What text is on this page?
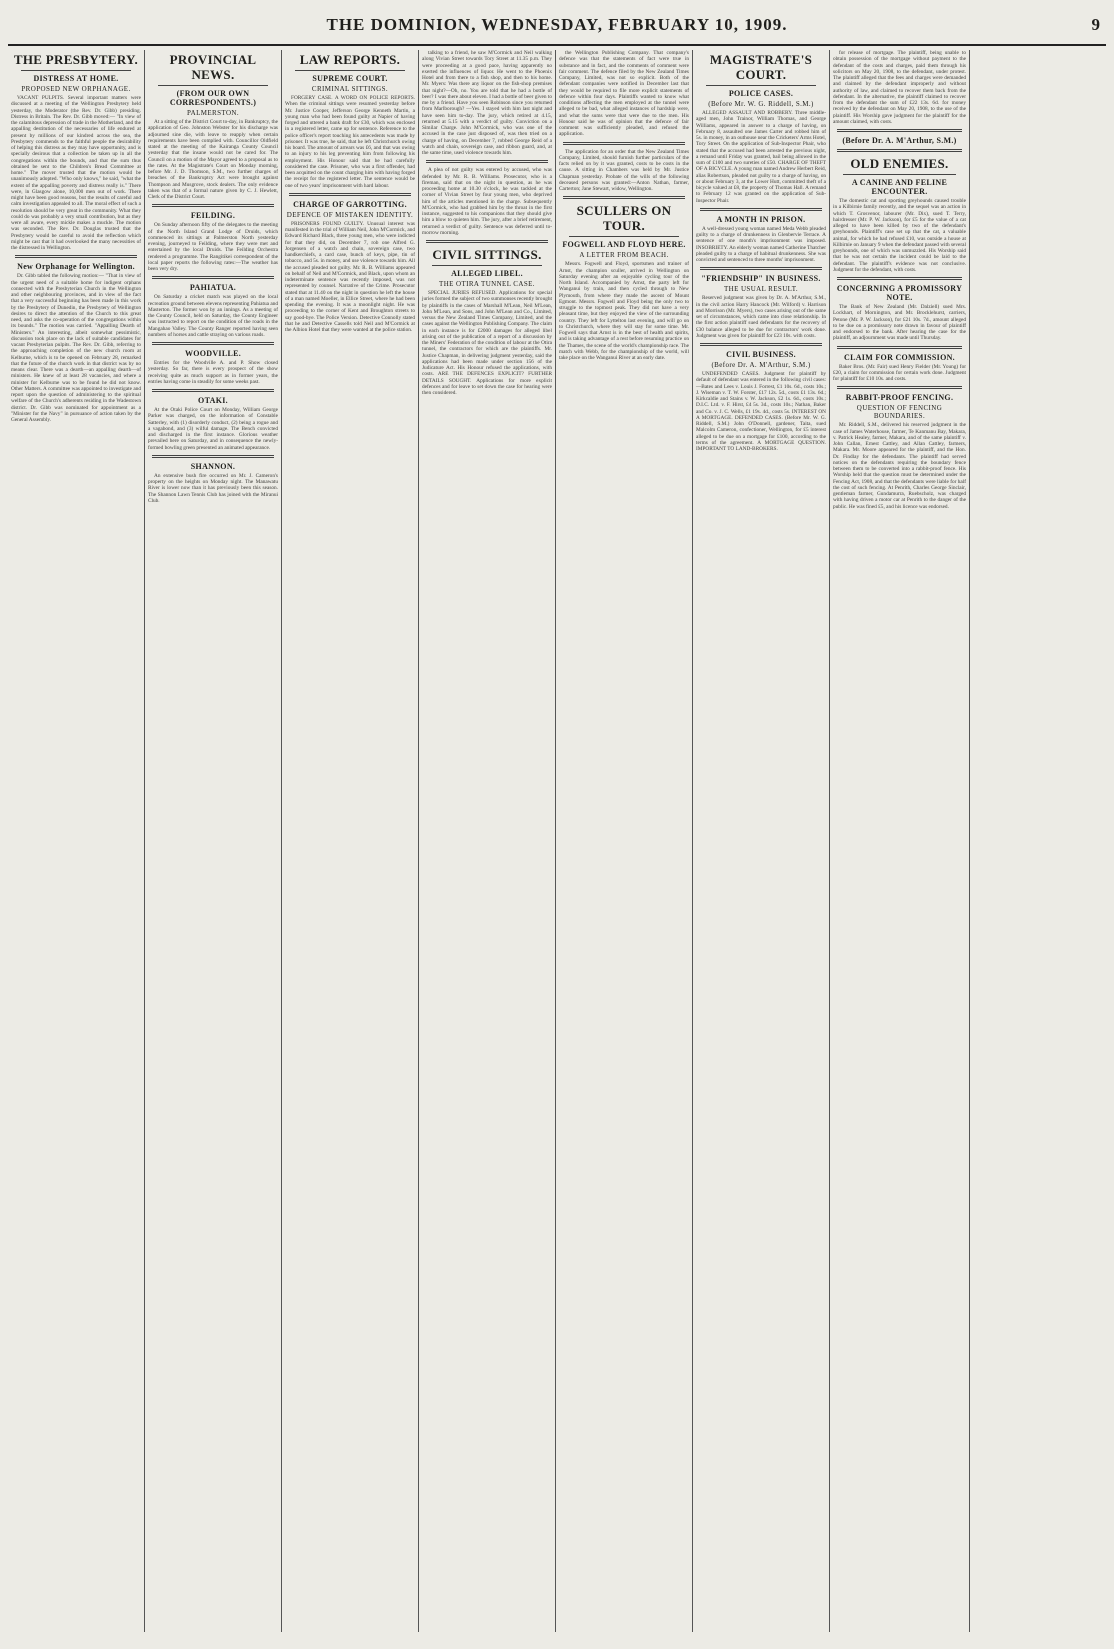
THE DOMINION, WEDNESDAY, FEBRUARY 10, 1909.	9
THE PRESBYTERY.
DISTRESS AT HOME.
PROPOSED NEW ORPHANAGE.

VACANT PULPITS. Several important matters were discussed at a meeting of the Wellington Presbytery held yesterday, the Moderator (the Rev. Dr. Gibb) presiding. Distress in Britain. The Rev. Dr. Gibb moved:— "In view of the calamitous depression of trade in the Motherland, and the appalling destitution of the necessaries of life endured at present by millions of our kindred across the sea, the Presbytery commends to the faithful people the desirability of helping this distress as they may have opportunity, and is specially desirous that a collection be taken up in all the congregations within the bounds, and that the sum thus obtained be sent to the Children's Bread Committee at home." The mover trusted that the motion would be unanimously adopted. "Who only knows," he said, "what the extent of the appalling poverty and distress really is." There were, in Glasgow alone, 10,000 men out of work. There might have been good reasons, but the results of careful and calm investigation appealed to all. The moral effect of such a resolution should be very great in the community. What they could do was probably a very small contribution, but as they were all aware, every mickle makes a muckle. The motion was seconded. The Rev. Dr. Douglas trusted that the Presbytery would be careful to avoid the reflection which might be cast that it had overlooked the many necessities of the distressed in Wellington.

New Orphanage for Wellington.

Dr. Gibb tabled the following motion:— "That in view of the urgent need of a suitable home for indigent orphans connected with the Presbyterian Church in the Wellington and other neighbouring provinces, and in view of the fact that a very successful beginning has been made in this work by the Presbytery of Dunedin, the Presbytery of Wellington desires to direct the attention of the Church to this great need, and asks the co-operation of the congregations within its bounds." The motion was carried. "Appalling Dearth of Ministers." An interesting, albeit somewhat pessimistic, discussion took place on the lack of suitable candidates for vacant Presbyterian pulpits. The Rev. Dr. Gibb, referring to the approaching completion of the new church room at Kelburne, which is to be opened on February 28, remarked that the future of the church work in that district was by no means clear. There was a dearth—an appalling dearth—of ministers. He knew of at least 28 vacancies, and where a minister for Kelburne was to be found he did not know. Other Matters. A committee was appointed to investigate and report upon the question of administering to the spiritual welfare of the Church's adherents residing in the Wadestown district. Dr. Gibb was nominated for appointment as a "Minister for the Navy" in pursuance of action taken by the General Assembly.

PROVINCIAL NEWS.
(FROM OUR OWN CORRESPONDENTS.)
PALMERSTON.

At a sitting of the District Court to-day, in Bankruptcy, the application of Geo. Johnston Webster for his discharge was adjourned sine die, with leave to reapply when certain requirements have been complied with. Councillor Oldfield stated at the meeting of the Kairanga County Council yesterday that the insane would not be cared for. The Council on a motion of the Mayor agreed to a proposal as to the rates. At the Magistrate's Court on Monday morning, before Mr. J. D. Thomson, S.M., two further charges of breaches of the Bankruptcy Act were brought against Thompson and Musgrove, stock dealers. The only evidence taken was that of a formal nature given by C. J. Hewlett, Clerk of the District Court.

FEILDING.

On Sunday afternoon fifty of the delegates to the meeting of the North Island Grand Lodge of Druids, which commenced its sittings at Palmerston North yesterday evening, journeyed to Feilding, where they were met and entertained by the local Druids. The Feilding Orchestra rendered a programme. The Rangitikei correspondent of the local paper reports the following rates:—The weather has been very dry.

PAHIATUA.

On Saturday a cricket match was played on the local recreation ground between elevens representing Pahiatua and Masterton. The former won by an innings. As a meeting of the County Council, held on Saturday, the County Engineer was instructed to report on the condition of the roads in the Mangahao Valley. The County Ranger reported having seen numbers of horses and cattle straying on various roads.

WOODVILLE.

Entries for the Woodville A. and P. Show closed yesterday. So far, there is every prospect of the show receiving quite as much support as in former years, the entries having come in steadily for some weeks past.

OTAKI.

At the Otaki Police Court on Monday, William George Parker was charged, on the information of Constable Satterley, with (1) disorderly conduct, (2) being a rogue and a vagabond, and (3) wilful damage. The Bench convicted and discharged in the first instance. Glorious weather prevailed here on Saturday, and in consequence the newly-formed bowling green presented an animated appearance.

SHANNON.

An extensive bush fire occurred on Mr. J. Cameron's property on the heights on Monday night. The Manawatu River is lower now than it has previously been this season. The Shannon Lawn Tennis Club has joined with the Miranui Club.

LAW REPORTS.
SUPREME COURT.
CRIMINAL SITTINGS.

FORGERY CASE. A WORD ON POLICE REPORTS. When the criminal sittings were resumed yesterday before Mr. Justice Cooper, Jefferson George Kenneth Martin, a young man who had been found guilty at Napier of having forged and uttered a bank draft for £30, which was enclosed in a registered letter, came up for sentence. Reference to the police officer's report touching his antecedents was made by prisoner. It was true, he said, that he left Christchurch owing his board. The amount of arrears was £6, and that was owing to an injury to his leg preventing him from following his employment. His Honour said that he had carefully considered the case. Prisoner, who was a first offender, had been acquitted on the count charging him with having forged the receipt for the registered letter. The sentence would be one of two years' imprisonment with hard labour.

CHARGE OF GARROTTING.
DEFENCE OF MISTAKEN IDENTITY.

PRISONERS FOUND GUILTY. Unusual interest was manifested in the trial of William Neil, John M'Cormick, and Edward Richard Black, three young men, who were indicted for that they did, on December 7, rob one Alfred G. Jorgensen of a watch and chain, sovereign case, two handkerchiefs, a card case, bunch of keys, pipe, tin of tobacco, and 5s. in money, and use violence towards him. All the accused pleaded not guilty. Mr. R. B. Williams appeared on behalf of Neil and M'Cormick, and Black, upon whom an indeterminate sentence was recently imposed, was not represented by counsel. Narrative of the Crime. Prosecutor stated that at 11.40 on the night in question he left the house of a man named Moeller, in Ellice Street, where he had been spending the evening. It was a moonlight night. He was proceeding to the corner of Kent and Broughton streets to say good-bye. The Police Version. Detective Connolly stated that he and Detective Cassells told Neil and M'Cormick at the Albion Hotel that they were wanted at the police station.

talking to a friend, he saw M'Cormick and Neil walking along Vivian Street towards Tory Street at 11.35 p.m. They were proceeding at a good pace, having apparently no exerted the influences of liquor. He went to the Phoenix Hotel and from there to a fish shop, and then to his home. Mr. Myers: Was there any liquor on the fish-shop premises that night?—Oh, no. You are told that he had a bottle of beer? I was there about eleven. I had a bottle of beer given to me by a friend. Have you seen Robinson since you returned from Marlborough? —Yes. I stayed with him last night and have seen him to-day. The jury, which retired at 4.15, returned at 5.15 with a verdict of guilty. Conviction on a Similar Charge. John M'Cormick, who was one of the accused in the case just disposed of, was then tried on a charge of having, on December 7, robbed George Reid of a watch and chain, sovereign case, and ribbon guard, and, at the same time, used violence towards him.

A plea of not guilty was entered by accused, who was defended by Mr. R. B. Williams. Prosecutor, who is a fireman, said that on the night in question, as he was proceeding home at 10.30 o'clock, he was tackled at the corner of Vivian Street by four young men, who deprived him of the articles mentioned in the charge. Subsequently M'Cormick, who had grabbed him by the throat in the first instance, suggested to his companions that they should give him a blow to quieten him. The jury, after a brief retirement, returned a verdict of guilty. Sentence was deferred until to-morrow morning.

CIVIL SITTINGS.
ALLEGED LIBEL.
THE OTIRA TUNNEL CASE.

SPECIAL JURIES REFUSED. Applications for special juries formed the subject of two summonses recently brought by plaintiffs in the cases of Marshall M'Lean, Neil M'Lean, John M'Lean, and Sons, and John M'Lean and Co., Limited, versus the New Zealand Times Company, Limited, and the cases against the Wellington Publishing Company. The claim in each instance is for £2000 damages for alleged libel arising out of the publication of a report of a discussion by the Miners' Federation of the condition of labour at the Otira tunnel, the contractors for which are the plaintiffs. Mr. Justice Chapman, in delivering judgment yesterday, said the applications had been made under section 156 of the Judicature Act. His Honour refused the applications, with costs. ARE THE DEFENCES EXPLICIT? FURTHER DETAILS SOUGHT. Applications for more explicit defences and for leave to set down the case for hearing were then considered.

the Wellington Publishing Company. That company's defence was that the statements of fact were true in substance and in fact, and the comments of comment were fair comment. The defence filed by the New Zealand Times Company, Limited, was not so explicit. Both of the defendant companies were notified in December last that they would be required to file more explicit statements of defence within four days. Plaintiffs wanted to know what conditions affecting the men employed at the tunnel were alleged to be bad, what alleged instances of hardship were, and what the sums were that were due to the men. His Honour said he was of opinion that the defence of fair comment was sufficiently pleaded, and refused the application.

The application for an order that the New Zealand Times Company, Limited, should furnish further particulars of the facts relied on by it was granted, costs to be costs in the cause. A sitting in Chambers was held by Mr. Justice Chapman yesterday. Probate of the wills of the following deceased persons was granted:—Anton Nathan, farmer, Carterton; Jane Stewart, widow, Wellington.

SCULLERS ON TOUR.
FOGWELL AND FLOYD HERE.
A LETTER FROM BEACH.

Messrs. Fogwell and Floyd, sportsmen and trainer of Arnst, the champion sculler, arrived in Wellington on Saturday evening after an enjoyable cycling tour of the North Island. Accompanied by Arnst, the party left for Wanganui by train, and then cycled through to New Plymouth, from where they made the ascent of Mount Egmont. Messrs. Fogwell and Floyd being the only two to struggle to the topmost peak. They did not have a very pleasant time, but they enjoyed the view of the surrounding country. They left for Lyttelton last evening, and will go on to Christchurch, where they will stay for some time. Mr. Fogwell says that Arnst is in the best of health and spirits, and is taking advantage of a rest before resuming practice on the Thames, the scene of the world's championship race. The match with Webb, for the championship of the world, will take place on the Wanganui River at an early date.

MAGISTRATE'S COURT.
POLICE CASES.
(Before Mr. W. G. Riddell, S.M.)

ALLEGED ASSAULT AND ROBBERY. Three middle-aged men, John Trainor, William Thomas, and George Williams, appeared in answer to a charge of having, on February 8, assaulted one James Carter and robbed him of 5s. in money, in an outhouse near the Cricketers' Arms Hotel, Tory Street. On the application of Sub-Inspector Phair, who stated that the accused had been arrested the previous night, a remand until Friday was granted, bail being allowed in the sum of £100 and two sureties of £50. CHARGE OF THEFT OF A BICYCLE. A young man named Andrew Herbert Reid, alias Robertson, pleaded not guilty to a charge of having, on or about February 3, at the Lower Hutt, committed theft of a bicycle valued at £8, the property of Thomas Hall. A remand to February 12 was granted on the application of Sub-Inspector Phair.

A MONTH IN PRISON.

A well-dressed young woman named Meda Webb pleaded guilty to a charge of drunkenness in Glenbervie Terrace. A sentence of one month's imprisonment was imposed. INSOBRIETY. An elderly woman named Catherine Thatcher pleaded guilty to a charge of habitual drunkenness. She was convicted and sentenced to three months' imprisonment.

"FRIENDSHIP" IN BUSINESS.
THE USUAL RESULT.

Reserved judgment was given by Dr. A. M'Arthur, S.M., in the civil action Harry Hancock (Mr. Wilford) v. Harrison and Morrison (Mr. Myers), two cases arising out of the same set of circumstances, which came into close relationship. In the first action plaintiff sued defendants for the recovery of £30 balance alleged to be due for contractors' work done. Judgment was given for plaintiff for £23 10s. with costs.

CIVIL BUSINESS.
(Before Dr. A. M'Arthur, S.M.)

UNDEFENDED CASES. Judgment for plaintiff by default of defendant was entered in the following civil cases:—Bates and Lees v. Louis J. Forrest, £1 10s. 6d., costs 10s.; J. Wiseman v. T. W. Forster, £17 12s. 5d., costs £1 13s. 6d.; Kirkcaldie and Stains v. W. Jackson, £2 1s. 6d., costs 10s.; D.I.C. Ltd. v. F. Hirst, £4 5s. 3d., costs 10s.; Nathan, Baker and Co. v. J. C. Wells, £1 19s. 4d., costs 5s. INTEREST ON A MORTGAGE. DEFENDED CASES. (Before Mr. W. G. Riddell, S.M.) John O'Donnell, gardener, Taita, sued Malcolm Cameron, confectioner, Wellington, for £5 interest alleged to be due on a mortgage for £100, according to the terms of the agreement. A MORTGAGE QUESTION. IMPORTANT TO LAND-BROKERS.

for release of mortgage. The plaintiff, being unable to obtain possession of the mortgage without payment to the defendant of the costs and charges, paid them through his solicitors on May 20, 1908, to the defendant, under protest. The plaintiff alleged that the fees and charges were demanded and claimed by the defendant improperly and without authority of law, and claimed to recover them back from the defendant. In the alternative, the plaintiff claimed to recover from the defendant the sum of £22 13s. 6d. for money received by the defendant on May 20, 1908, to the use of the plaintiff. His Worship gave judgment for the plaintiff for the amount claimed, with costs.

(Before Dr. A. M'Arthur, S.M.)
OLD ENEMIES.
A CANINE AND FELINE ENCOUNTER.

The domestic cat and sporting greyhounds caused trouble in a Kilbirnie family recently, and the sequel was an action in which T. Grosvenor, labourer (Mr. Dix), sued T. Terry, hairdresser (Mr. P. W. Jackson), for £5 for the value of a cat alleged to have been killed by two of the defendant's greyhounds. Plaintiff's case set up that the cat, a valuable animal, for which he had refused £10, was outside a house at Kilbirnie on January 9 when the defendant passed with several greyhounds, one of which was unmuzzled. His Worship said that he was not certain the incident could be laid to the defendant. The plaintiff's evidence was not conclusive. Judgment for the defendant, with costs.

CONCERNING A PROMISSORY NOTE.

The Bank of New Zealand (Mr. Dalziell) sued Mrs. Lockhart, of Mornington, and Mr. Brocklehurst, carriers, Petone (Mr. P. W. Jackson), for £21 10s. 7d., amount alleged to be due on a promissory note drawn in favour of plaintiff and endorsed to the bank. After hearing the case for the plaintiff, an adjournment was made until Thursday.

CLAIM FOR COMMISSION.

Baker Bros. (Mr. Fair) sued Henry Fielder (Mr. Young) for £20, a claim for commission for certain work done. Judgment for plaintiff for £10 10s. and costs.

RABBIT-PROOF FENCING.
QUESTION OF FENCING BOUNDARIES.

Mr. Riddell, S.M., delivered his reserved judgment in the case of James Waterhouse, farmer, Te Kanmanu Bay, Makara, v. Patrick Healey, farmer, Makara, and of the same plaintiff v. John Callan, Ernest Cattley, and Allan Cattley, farmers, Makara. Mr. Moore appeared for the plaintiff, and the Hon. Dr. Findlay for the defendants. The plaintiff had served notices on the defendants requiring the boundary fence between them to be converted into a rabbit-proof fence. His Worship held that the question must be determined under the Fencing Act, 1908, and that the defendants were liable for half the cost of such fencing. At Penrith, Charles George Sinclair, gentleman farmer, Gundamurra, Ruebscholz, was charged with having driven a motor car at Penrith to the danger of the public. He was fined £5, and his licence was endorsed.
